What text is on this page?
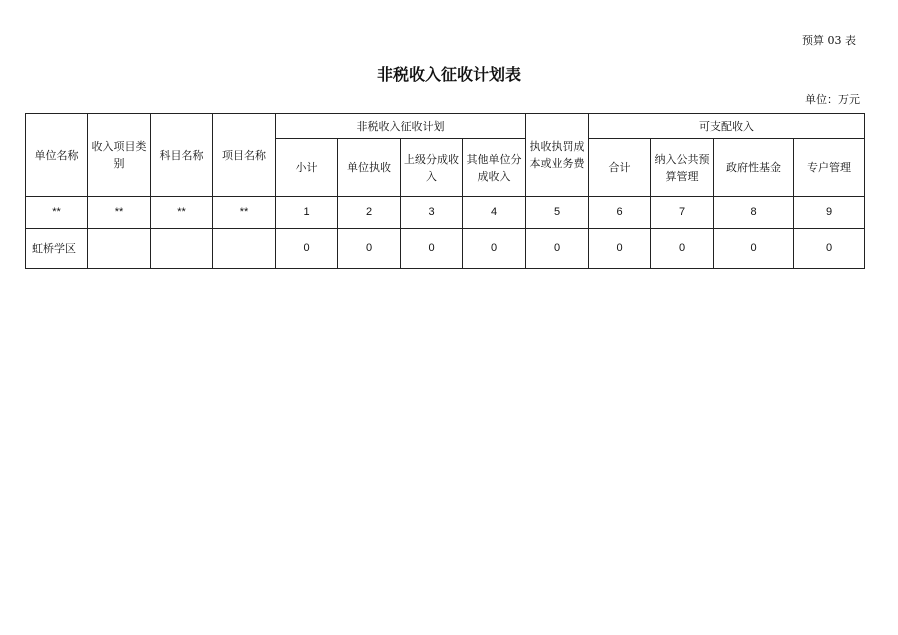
预算 03 表
非税收入征收计划表
单位：万元
单位名称	收入项目类别	科目名称	项目名称	非税收入征收计划				执收执罚成本或业务费	可支配收入			
				小计	单位执收	上级分成收入	其他单位分成收入		合计	纳入公共预算管理	政府性基金	专户管理
**	**	**	**	1	2	3	4	5	6	7	8	9
虹桥学区				0	0	0	0	0	0	0	0	0
